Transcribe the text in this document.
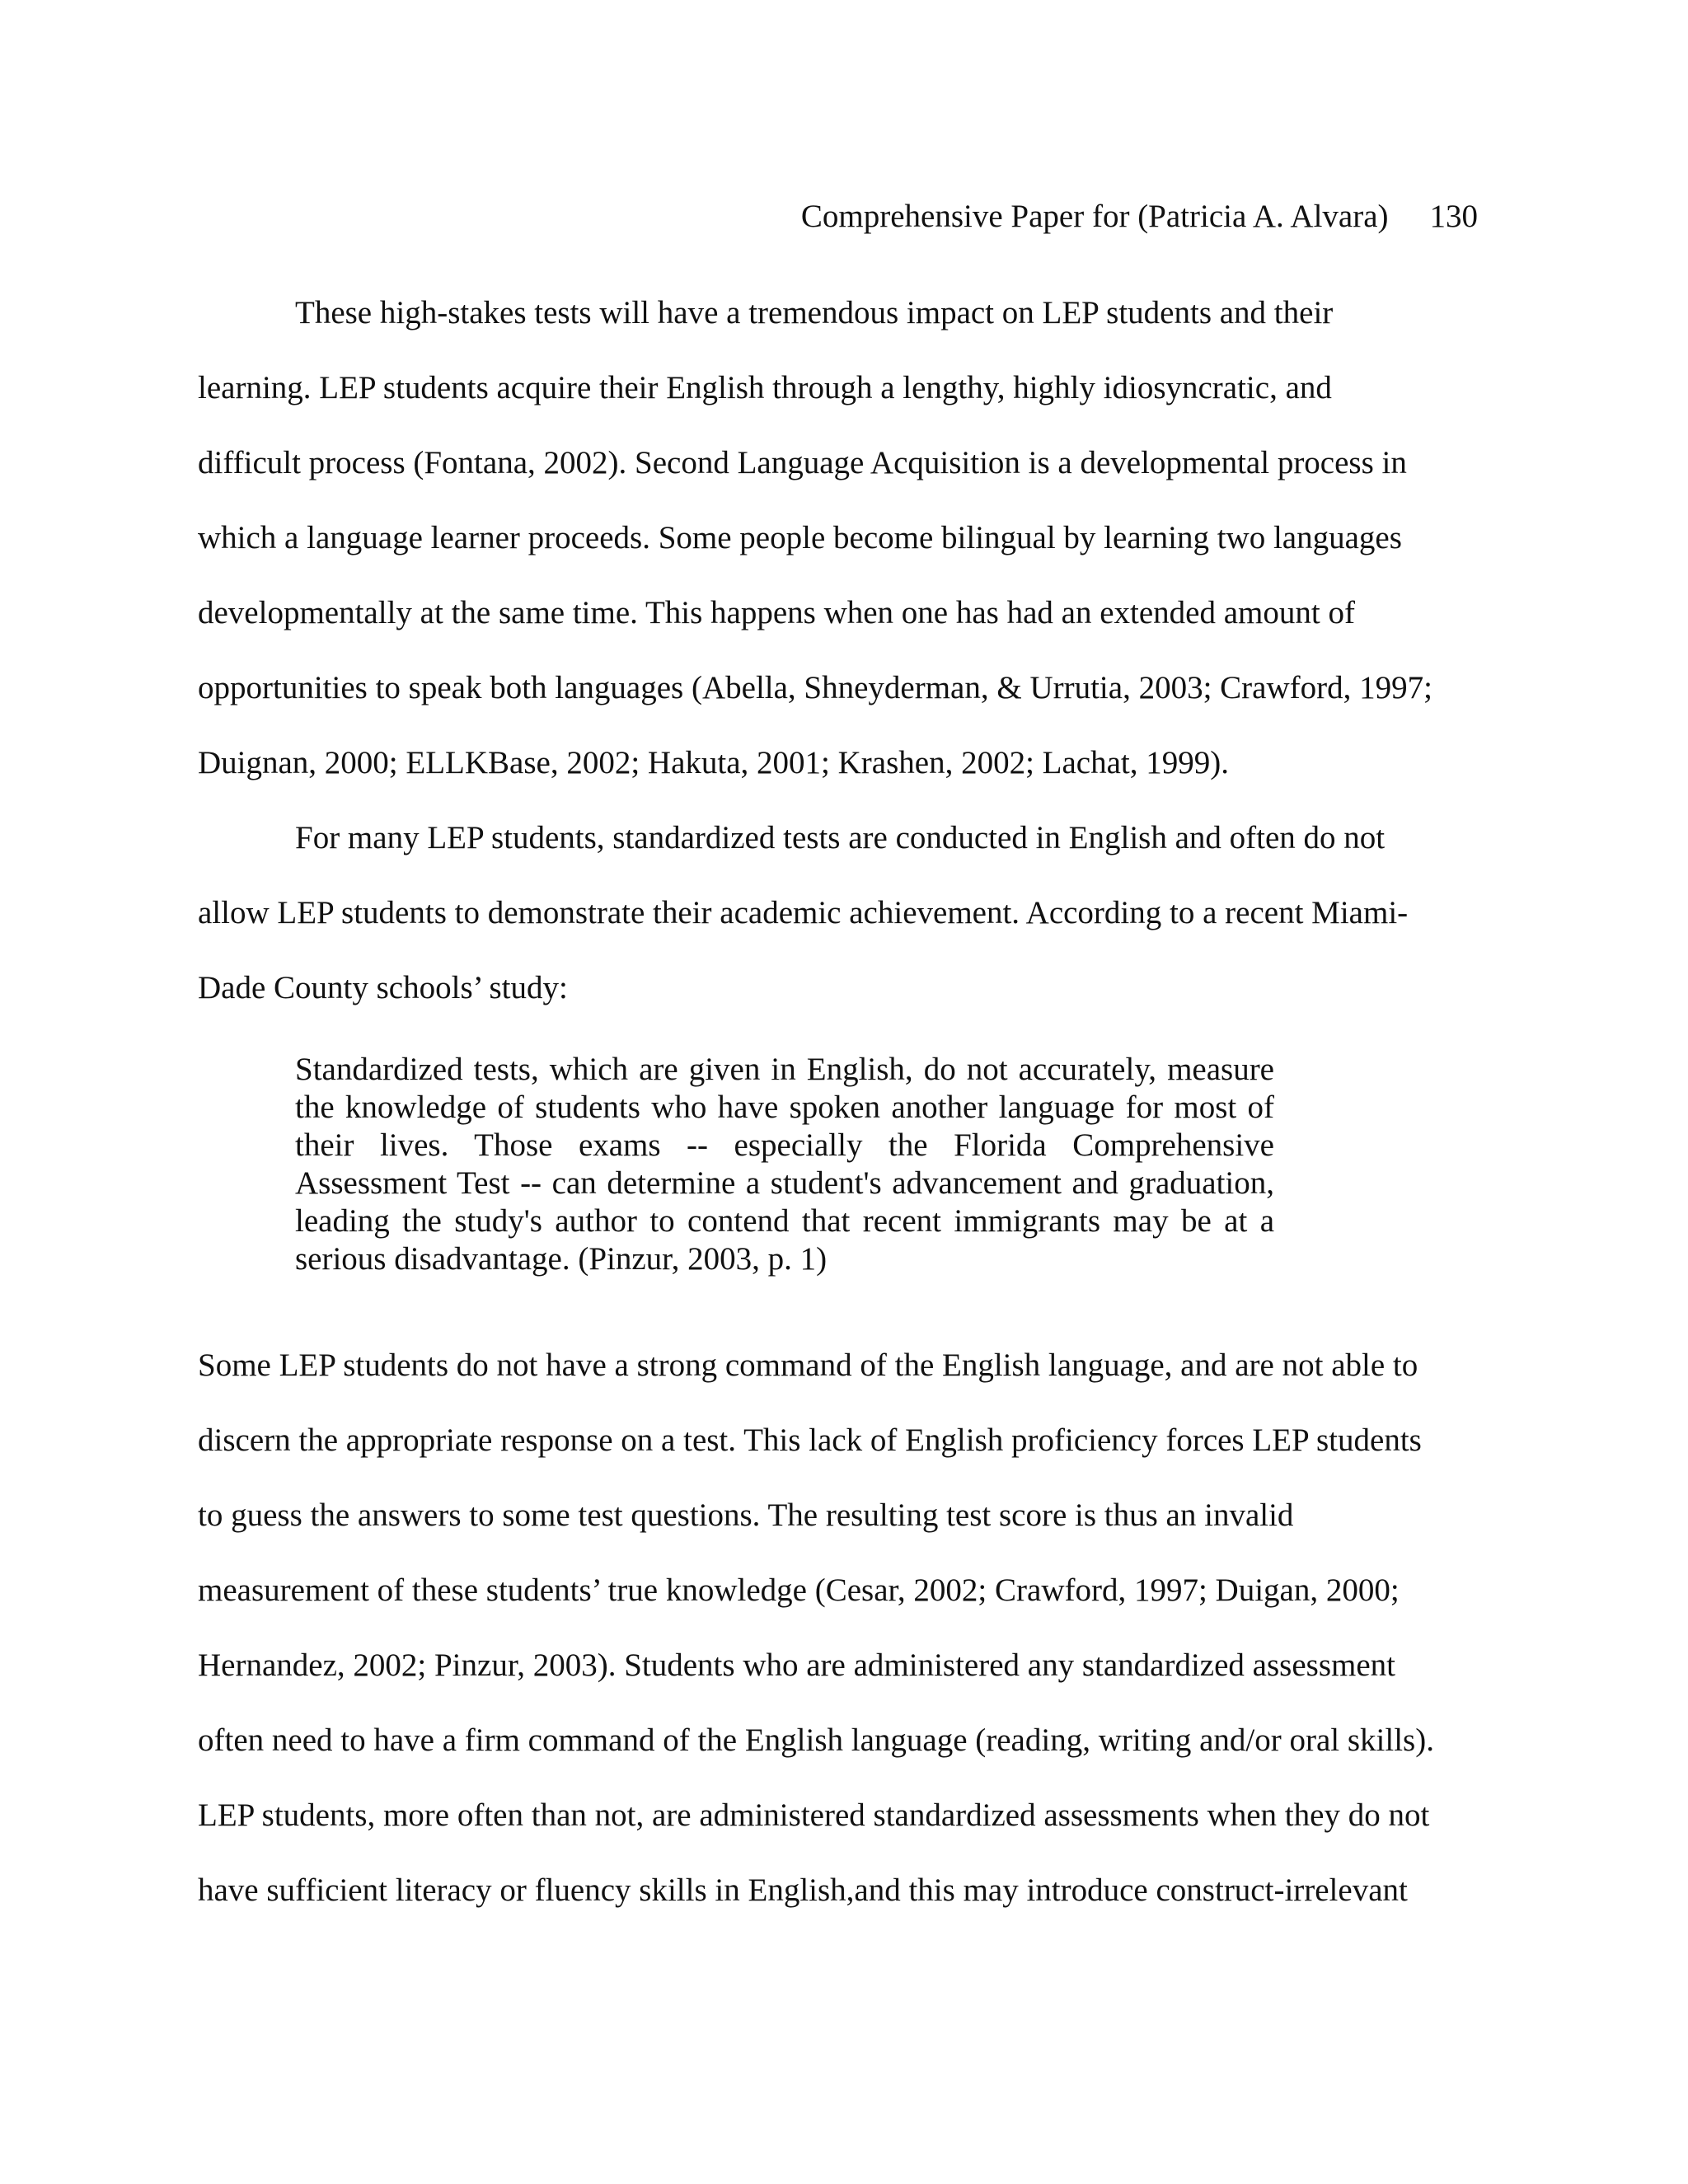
Comprehensive Paper for (Patricia A. Alvara) 130
These high-stakes tests will have a tremendous impact on LEP students and their
learning. LEP students acquire their English through a lengthy, highly idiosyncratic, and
difficult process (Fontana, 2002). Second Language Acquisition is a developmental process in
which a language learner proceeds. Some people become bilingual by learning two languages
developmentally at the same time. This happens when one has had an extended amount of
opportunities to speak both languages (Abella, Shneyderman, & Urrutia, 2003; Crawford, 1997;
Duignan, 2000; ELLKBase, 2002; Hakuta, 2001; Krashen, 2002; Lachat, 1999).
For many LEP students, standardized tests are conducted in English and often do not
allow LEP students to demonstrate their academic achievement. According to a recent Miami-
Dade County schools’ study:
Standardized tests, which are given in English, do not accurately, measure the knowledge of students who have spoken another language for most of their lives. Those exams -- especially the Florida Comprehensive Assessment Test -- can determine a student's advancement and graduation, leading the study's author to contend that recent immigrants may be at a serious disadvantage. (Pinzur, 2003, p. 1)
Some LEP students do not have a strong command of the English language, and are not able to
discern the appropriate response on a test. This lack of English proficiency forces LEP students
to guess the answers to some test questions. The resulting test score is thus an invalid
measurement of these students’ true knowledge (Cesar, 2002; Crawford, 1997; Duigan, 2000;
Hernandez, 2002; Pinzur, 2003). Students who are administered any standardized assessment
often need to have a firm command of the English language (reading, writing and/or oral skills).
LEP students, more often than not, are administered standardized assessments when they do not
have sufficient literacy or fluency skills in English,and this may introduce construct-irrelevant
